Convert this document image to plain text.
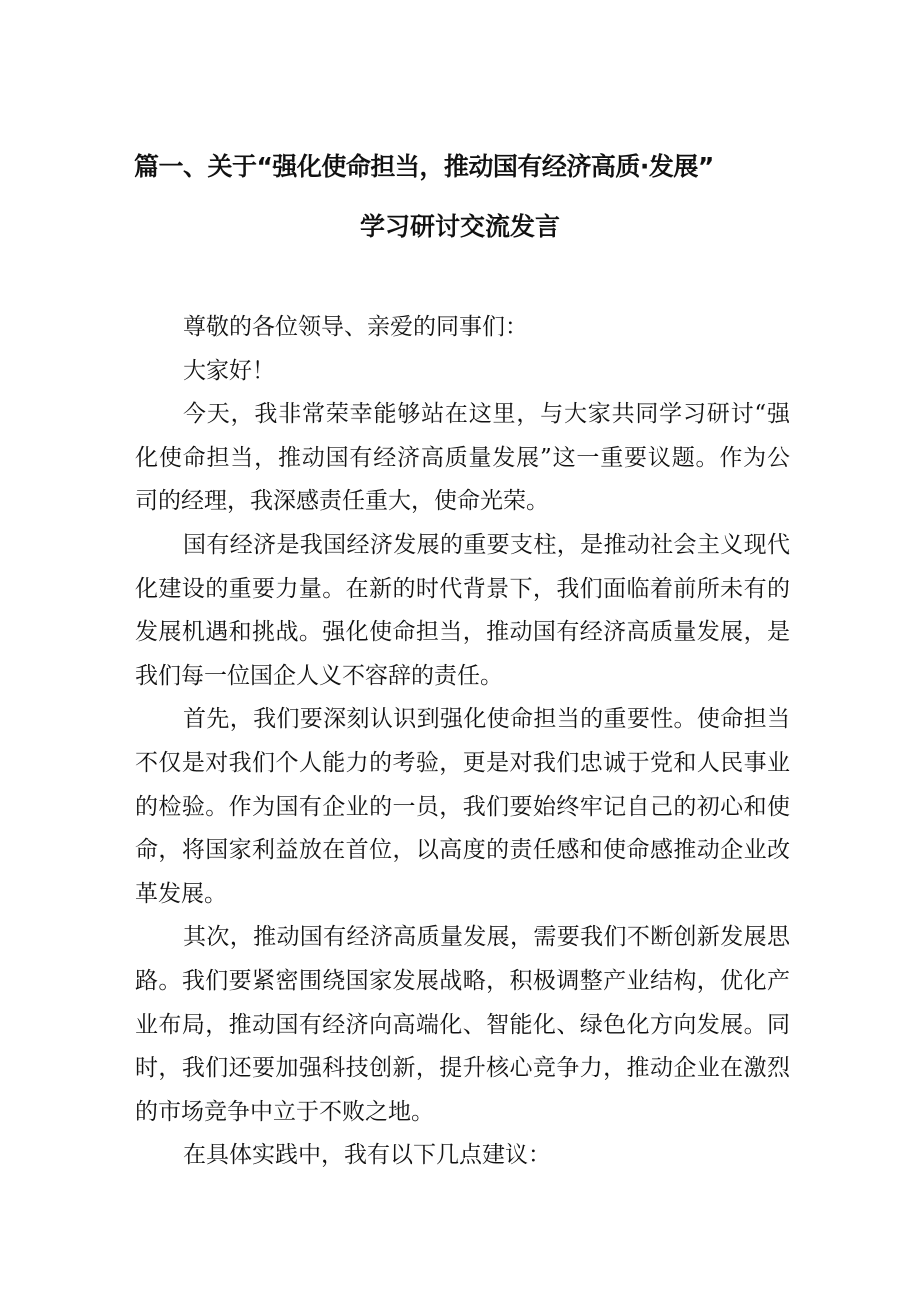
篇一、关于“强化使命担当，推动国有经济高质·发展”
学习研讨交流发言

尊敬的各位领导、亲爱的同事们：

大家好！

今天，我非常荣幸能够站在这里，与大家共同学习研讨“强化使命担当，推动国有经济高质量发展”这一重要议题。作为公司的经理，我深感责任重大，使命光荣。

国有经济是我国经济发展的重要支柱，是推动社会主义现代化建设的重要力量。在新的时代背景下，我们面临着前所未有的发展机遇和挑战。强化使命担当，推动国有经济高质量发展，是我们每一位国企人义不容辞的责任。

首先，我们要深刻认识到强化使命担当的重要性。使命担当不仅是对我们个人能力的考验，更是对我们忠诚于党和人民事业的检验。作为国有企业的一员，我们要始终牢记自己的初心和使命，将国家利益放在首位，以高度的责任感和使命感推动企业改革发展。

其次，推动国有经济高质量发展，需要我们不断创新发展思路。我们要紧密围绕国家发展战略，积极调整产业结构，优化产业布局，推动国有经济向高端化、智能化、绿色化方向发展。同时，我们还要加强科技创新，提升核心竞争力，推动企业在激烈的市场竞争中立于不败之地。

在具体实践中，我有以下几点建议：
